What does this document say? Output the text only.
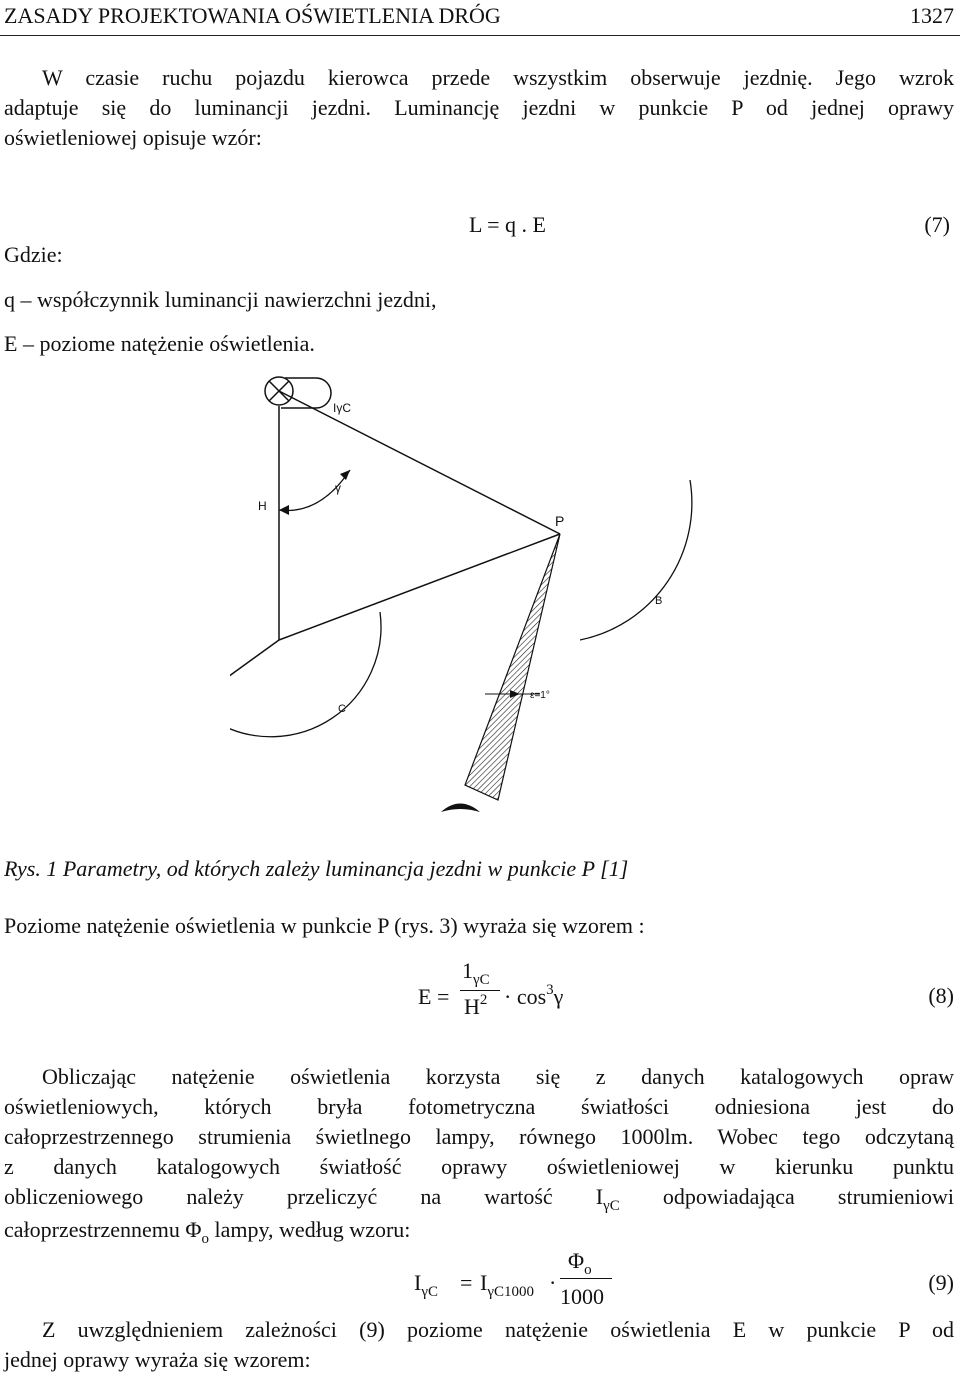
ZASADY PROJEKTOWANIA OŚWIETLENIA DRÓG	1327
W czasie ruchu pojazdu kierowca przede wszystkim obserwuje jezdnię. Jego wzrok
adaptuje się do luminancji jezdni. Luminancję jezdni w punkcie P od jednej oprawy
oświetleniowej opisuje wzór:
L = q . E	(7)
Gdzie:
q – współczynnik luminancji nawierzchni jezdni,
E – poziome natężenie oświetlenia.
IγC
H
γ
P
B
C
ε=1°
Rys. 1 Parametry, od których zależy luminancja jezdni w punkcie P [1]
Poziome natężenie oświetlenia w punkcie P (rys. 3) wyraża się wzorem :
E =
$1_{\gamma C}$
$H^2 \cdot \cos^3\gamma$	(8)
Obliczając natężenie oświetlenia korzysta się z danych katalogowych opraw
oświetleniowych, których bryła fotometryczna światłości odniesiona jest do
całoprzestrzennego strumienia świetlnego lampy, równego 1000lm. Wobec tego odczytaną
z danych katalogowych światłość oprawy oświetleniowej w kierunku punktu
obliczeniowego należy przeliczyć na wartość $I_{\gamma C}$ odpowiadająca strumieniowi
całoprzestrzennemu $\Phi_o$ lampy, według wzoru:
$I_{\gamma C} = I_{\gamma C1000}$ ·
$\Phi_o$
1000
(9)
Z uwzględnieniem zależności (9) poziome natężenie oświetlenia E w punkcie P od
jednej oprawy wyraża się wzorem:
